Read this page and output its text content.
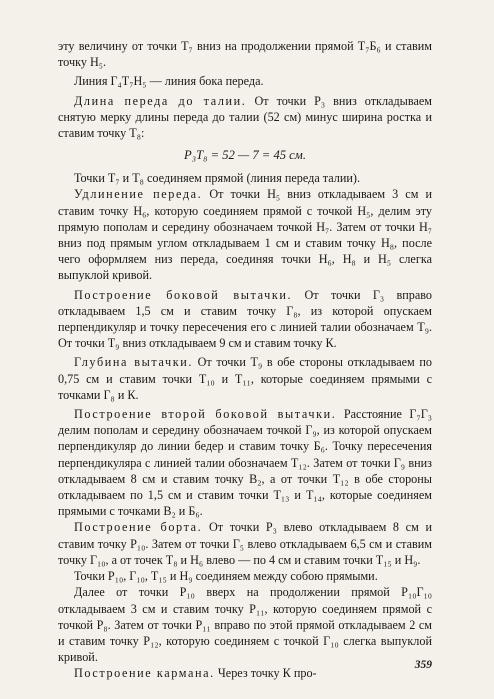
эту величину от точки Т₇ вниз на продолжении прямой Т₇Б₆ и ставим точку Н₅.

Линия Г₄Т₇Н₅ — линия бока переда.

Длина переда до талии. От точки Р₃ вниз откладываем снятую мерку длины переда до талии (52 см) минус ширина ростка и ставим точку Т₈:

Р₃Т₈ = 52 — 7 = 45 см.

Точки Т₇ и Т₈ соединяем прямой (линия переда талии).

Удлинение переда. От точки Н₅ вниз откладываем 3 см и ставим точку Н₆, которую соединяем прямой с точкой Н₅, делим эту прямую пополам и середину обозначаем точкой Н₇. Затем от точки Н₇ вниз под прямым углом откладываем 1 см и ставим точку Н₈, после чего оформляем низ переда, соединяя точки Н₆, Н₈ и Н₅ слегка выпуклой кривой.

Построение боковой вытачки. От точки Г₃ вправо откладываем 1,5 см и ставим точку Г₈, из которой опускаем перпендикуляр и точку пересечения его с линией талии обозначаем Т₉. От точки Т₉ вниз откладываем 9 см и ставим точку К.

Глубина вытачки. От точки Т₉ в обе стороны откладываем по 0,75 см и ставим точки Т₁₀ и Т₁₁, которые соединяем прямыми с точками Г₈ и К.

Построение второй боковой вытачки. Расстояние Г₇Г₃ делим пополам и середину обозначаем точкой Г₉, из которой опускаем перпендикуляр до линии бедер и ставим точку Б₆. Точку пересечения перпендикуляра с линией талии обозначаем Т₁₂. Затем от точки Г₉ вниз откладываем 8 см и ставим точку В₂, а от точки Т₁₂ в обе стороны откладываем по 1,5 см и ставим точки Т₁₃ и Т₁₄, которые соединяем прямыми с точками В₂ и Б₆.

Построение борта. От точки Р₃ влево откладываем 8 см и ставим точку Р₁₀. Затем от точки Г₅ влево откладываем 6,5 см и ставим точку Г₁₀, а от точек Т₈ и Н₆ влево — по 4 см и ставим точки Т₁₅ и Н₉.

Точки Р₁₀, Г₁₀, Т₁₅ и Н₉ соединяем между собою прямыми.

Далее от точки Р₁₀ вверх на продолжении прямой Р₁₀Г₁₀ откладываем 3 см и ставим точку Р₁₁, которую соединяем прямой с точкой Р₈. Затем от точки Р₁₁ вправо по этой прямой откладываем 2 см и ставим точку Р₁₂, которую соединяем с точкой Г₁₀ слегка выпуклой кривой.

Построение кармана. Через точку К про-

359
